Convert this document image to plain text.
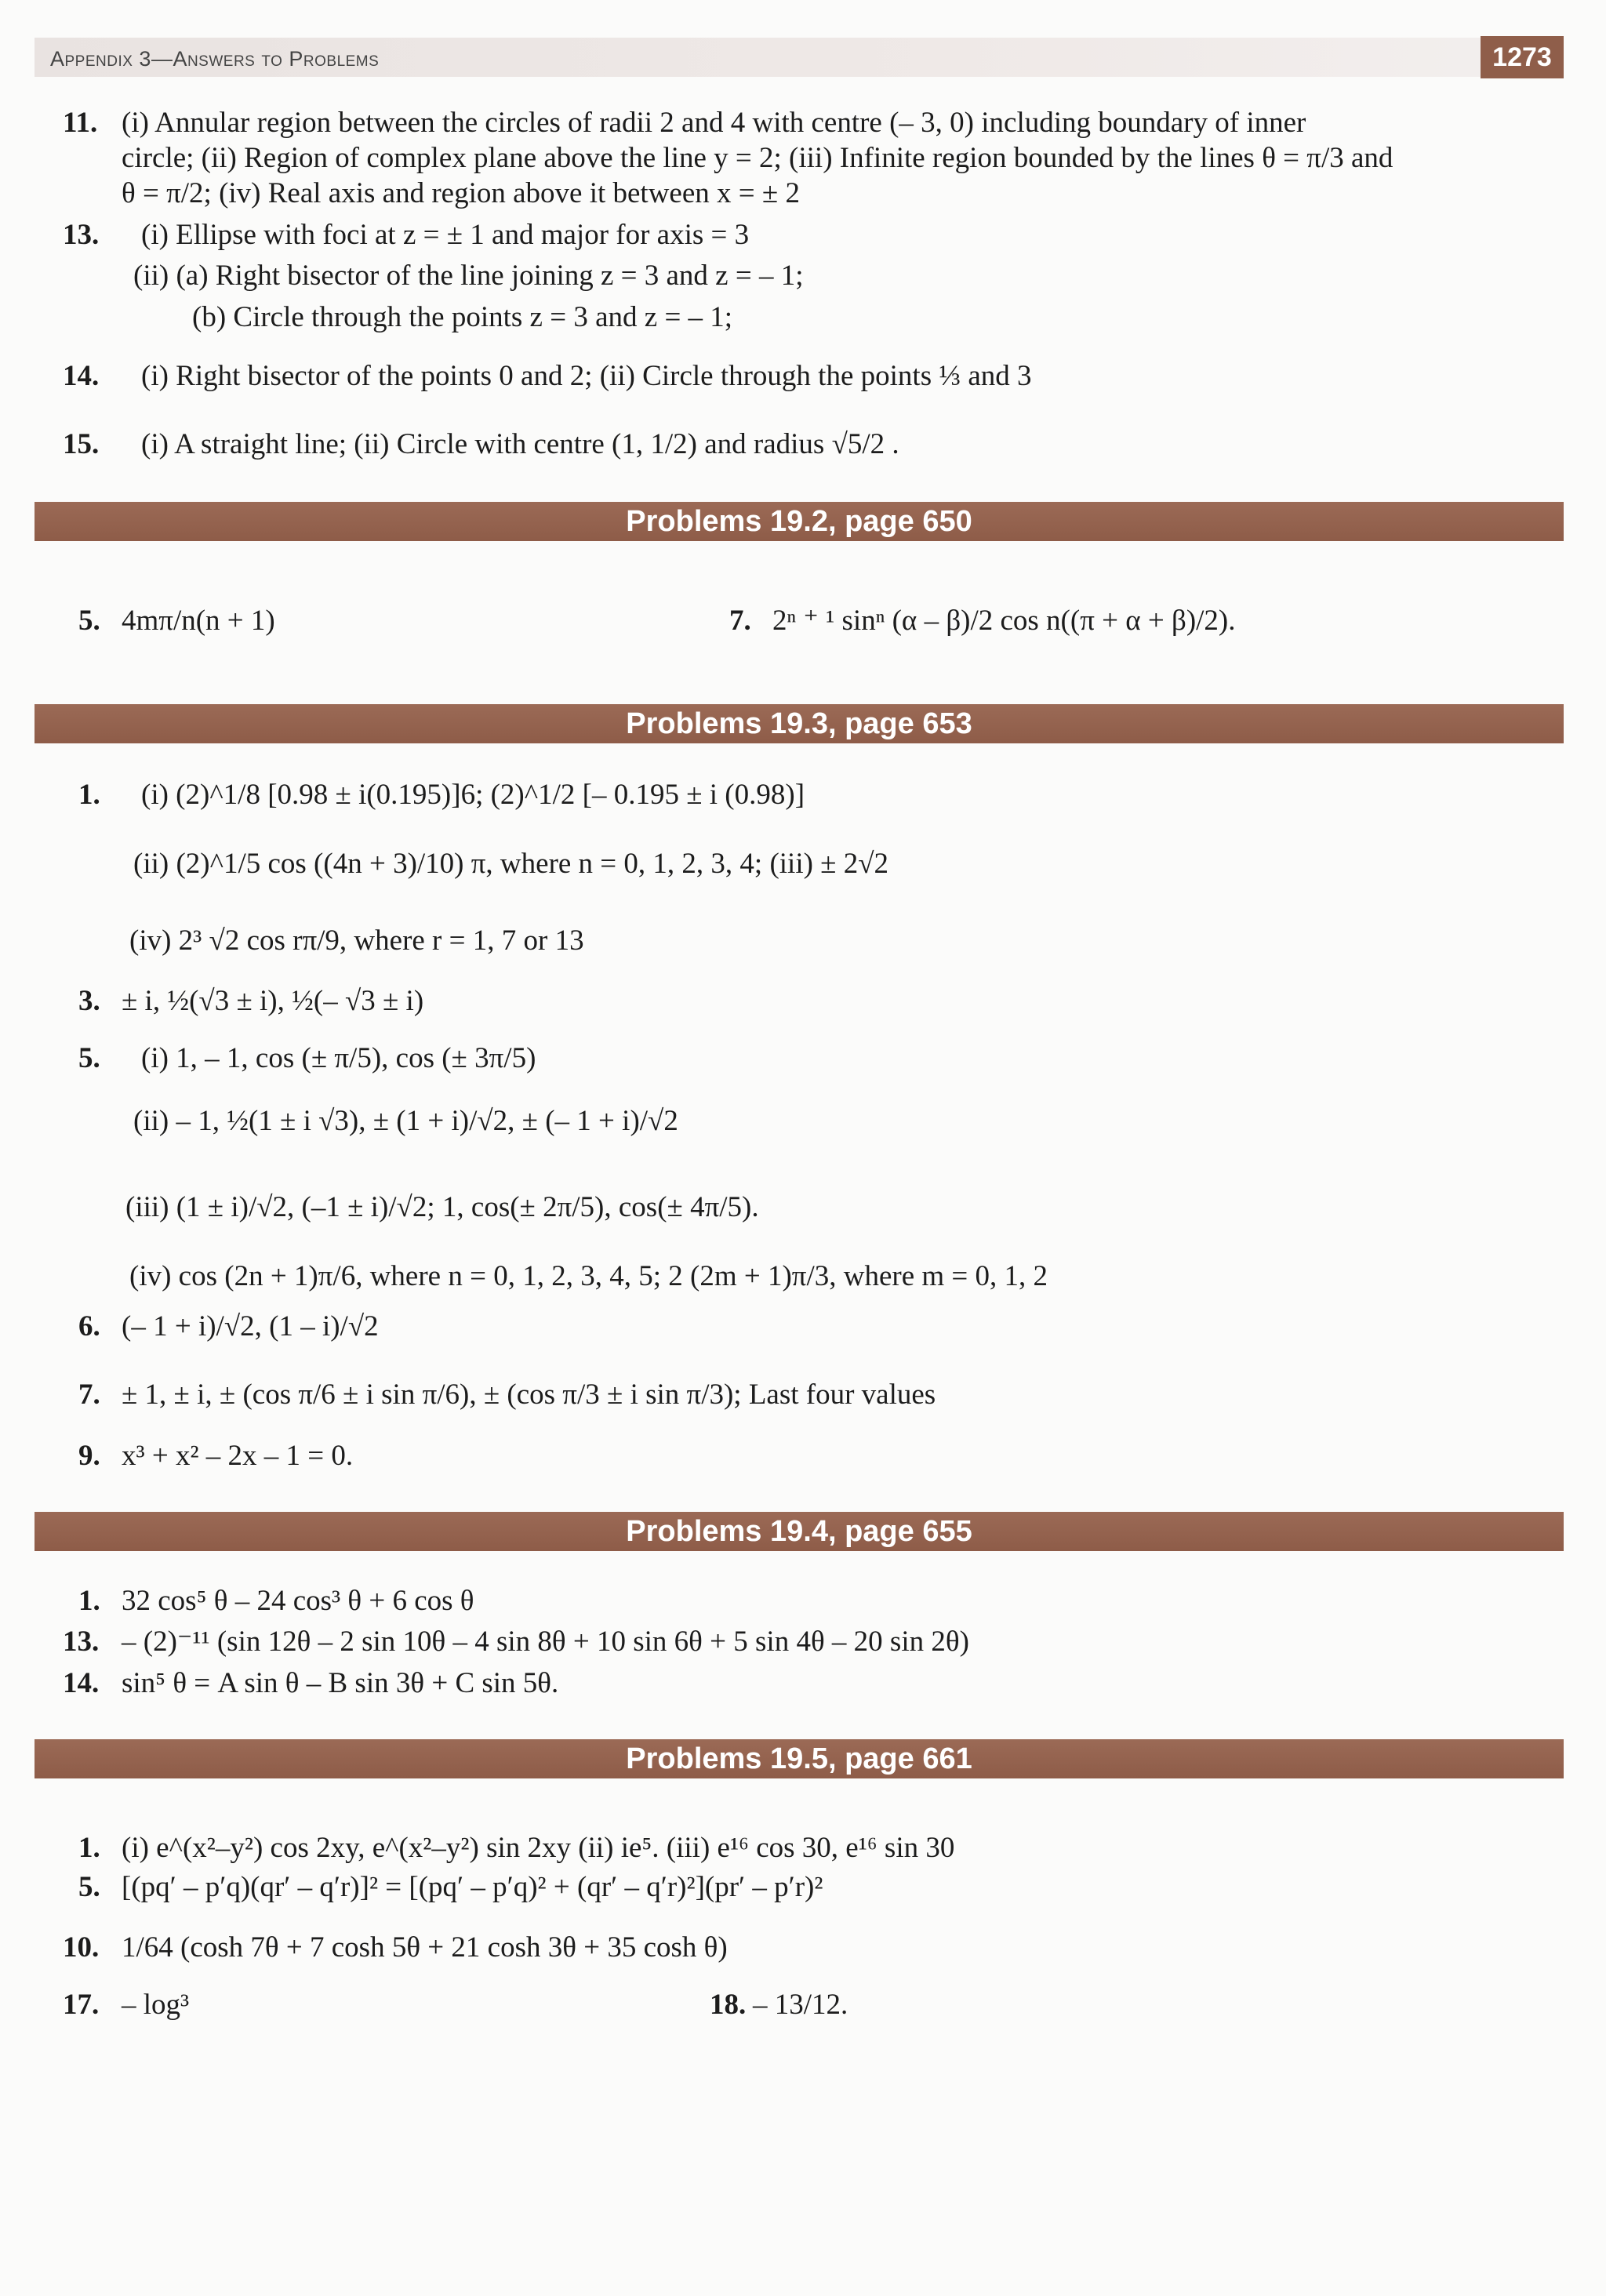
Appendix 3—Answers to Problems	1273
11. (i) Annular region between the circles of radii 2 and 4 with centre (– 3, 0) including boundary of inner
circle; (ii) Region of complex plane above the line y = 2; (iii) Infinite region bounded by the lines θ = π/3 and
θ = π/2; (iv) Real axis and region above it between x = ± 2
13. (i) Ellipse with foci at z = ± 1 and major for axis = 3
(ii) (a) Right bisector of the line joining z = 3 and z = – 1;
(b) Circle through the points z = 3 and z = – 1;
14. (i) Right bisector of the points 0 and 2; (ii) Circle through the points ⅓ and 3
15. (i) A straight line; (ii) Circle with centre (1, 1/2) and radius √5/2 .
Problems 19.2, page 650
5. 4mπ/n(n + 1)	7. 2ⁿ ⁺ ¹ sinⁿ (α – β)/2 cos n((π + α + β)/2).
Problems 19.3, page 653
1. (i) (2)^1/8 [0.98 ± i(0.195)]6; (2)^1/2 [– 0.195 ± i (0.98)]
(ii) (2)^1/5 cos ((4n + 3)/10) π, where n = 0, 1, 2, 3, 4; (iii) ± 2√2
(iv) 2³ √2 cos rπ/9, where r = 1, 7 or 13
3. ± i, ½(√3 ± i), ½(– √3 ± i)
5. (i) 1, – 1, cos (± π/5), cos (± 3π/5)
(ii) – 1, ½(1 ± i √3), ± (1 + i)/√2, ± (– 1 + i)/√2
(iii) (1 ± i)/√2, (–1 ± i)/√2; 1, cos(± 2π/5), cos(± 4π/5).
(iv) cos (2n + 1)π/6, where n = 0, 1, 2, 3, 4, 5; 2 (2m + 1)π/3, where m = 0, 1, 2
6. (– 1 + i)/√2, (1 – i)/√2
7. ± 1, ± i, ± (cos π/6 ± i sin π/6), ± (cos π/3 ± i sin π/3); Last four values
9. x³ + x² – 2x – 1 = 0.
Problems 19.4, page 655
1. 32 cos⁵ θ – 24 cos³ θ + 6 cos θ
13. – (2)⁻¹¹ (sin 12θ – 2 sin 10θ – 4 sin 8θ + 10 sin 6θ + 5 sin 4θ – 20 sin 2θ)
14. sin⁵ θ = A sin θ – B sin 3θ + C sin 5θ.
Problems 19.5, page 661
1. (i) e^(x²–y²) cos 2xy, e^(x²–y²) sin 2xy (ii) ie⁵. (iii) e¹⁶ cos 30, e¹⁶ sin 30
5. [(pq′ – p′q)(qr′ – q′r)]² = [(pq′ – p′q)² + (qr′ – q′r)²](pr′ – p′r)²
10. 1/64 (cosh 7θ + 7 cosh 5θ + 21 cosh 3θ + 35 cosh θ)
17. – log³	18. – 13/12.
